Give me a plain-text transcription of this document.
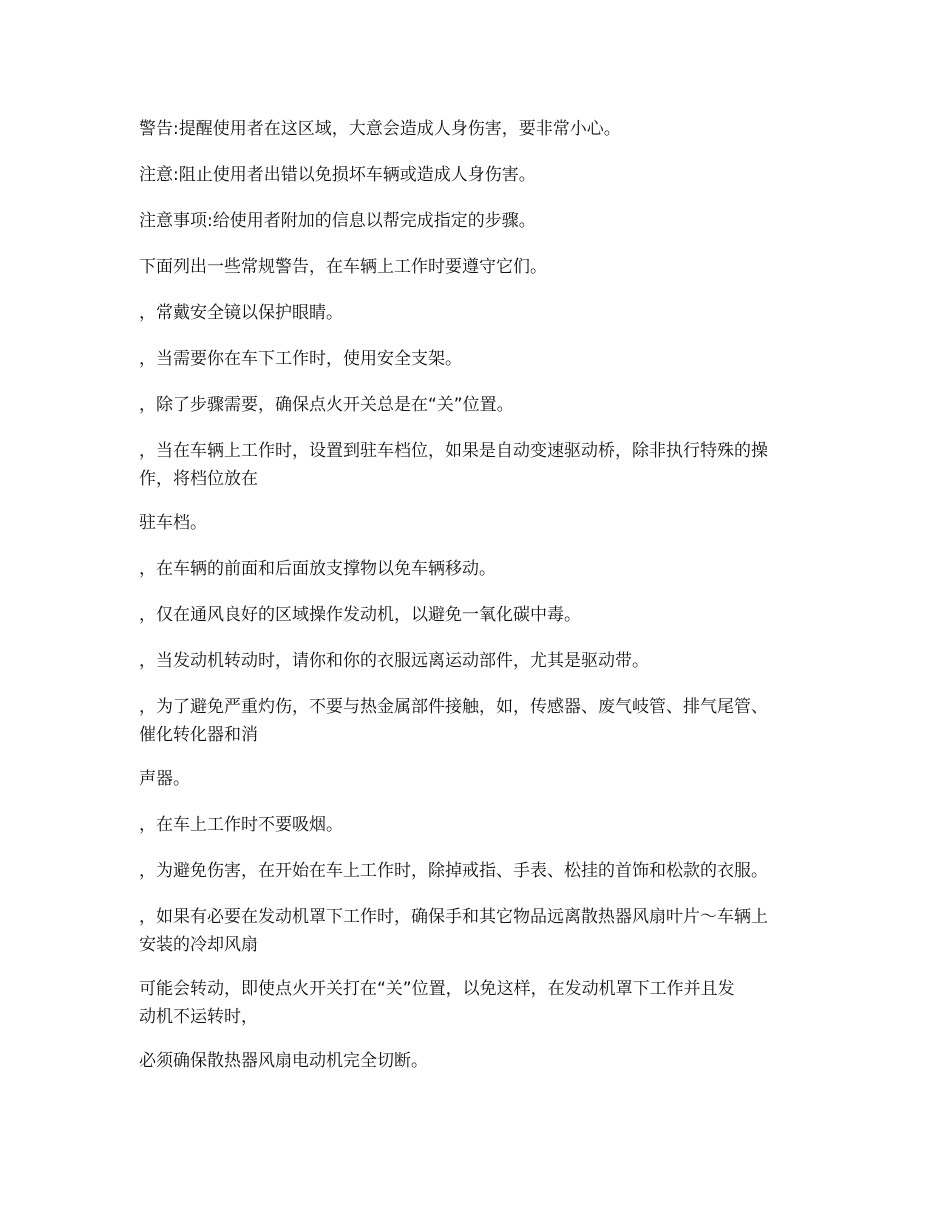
警告:提醒使用者在这区域，大意会造成人身伤害，要非常小心。

注意:阻止使用者出错以免损坏车辆或造成人身伤害。

注意事项:给使用者附加的信息以帮完成指定的步骤。

下面列出一些常规警告，在车辆上工作时要遵守它们。

，常戴安全镜以保护眼睛。

，当需要你在车下工作时，使用安全支架。

，除了步骤需要，确保点火开关总是在“关”位置。

，当在车辆上工作时，设置到驻车档位，如果是自动变速驱动桥，除非执行特殊的操
作，将档位放在

驻车档。

，在车辆的前面和后面放支撑物以免车辆移动。

，仅在通风良好的区域操作发动机，以避免一氧化碳中毒。

，当发动机转动时，请你和你的衣服远离运动部件，尤其是驱动带。

，为了避免严重灼伤，不要与热金属部件接触，如，传感器、废气岐管、排气尾管、
催化转化器和消

声器。

，在车上工作时不要吸烟。

，为避免伤害，在开始在车上工作时，除掉戒指、手表、松挂的首饰和松款的衣服。

，如果有必要在发动机罩下工作时，确保手和其它物品远离散热器风扇叶片～车辆上
安装的冷却风扇

可能会转动，即使点火开关打在“关”位置，以免这样，在发动机罩下工作并且发
动机不运转时，

必须确保散热器风扇电动机完全切断。
